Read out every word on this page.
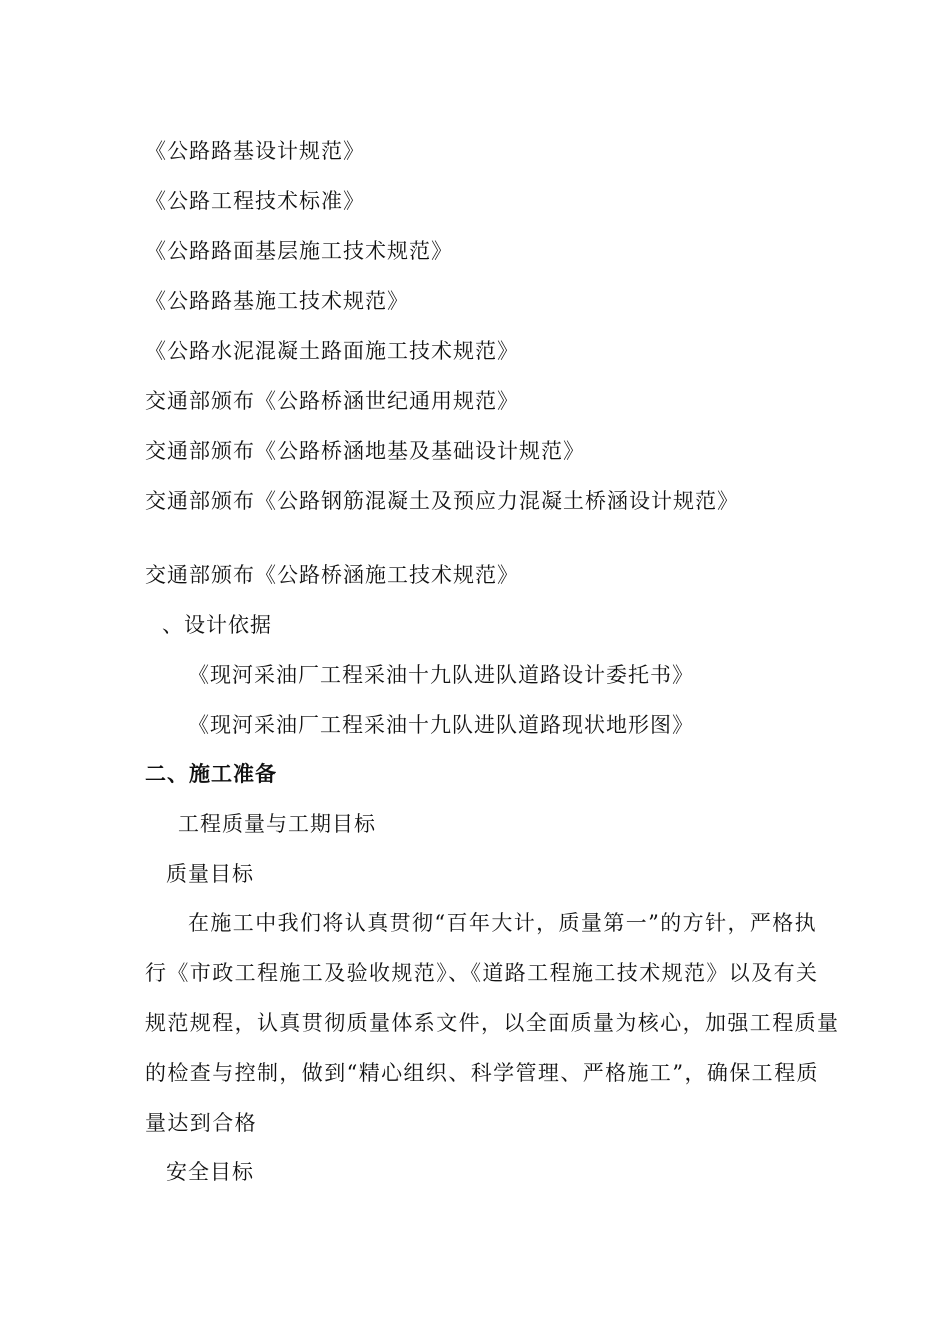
《公路路基设计规范》
《公路工程技术标准》
《公路路面基层施工技术规范》
《公路路基施工技术规范》
《公路水泥混凝土路面施工技术规范》
交通部颁布《公路桥涵世纪通用规范》
交通部颁布《公路桥涵地基及基础设计规范》
交通部颁布《公路钢筋混凝土及预应力混凝土桥涵设计规范》
交通部颁布《公路桥涵施工技术规范》
、设计依据
《现河采油厂工程采油十九队进队道路设计委托书》
《现河采油厂工程采油十九队进队道路现状地形图》
二、施工准备
工程质量与工期目标
质量目标
在施工中我们将认真贯彻“百年大计，质量第一”的方针，严格执
行《市政工程施工及验收规范》、《道路工程施工技术规范》以及有关
规范规程，认真贯彻质量体系文件，以全面质量为核心，加强工程质量
的检查与控制，做到“精心组织、科学管理、严格施工”，确保工程质
量达到合格
安全目标
